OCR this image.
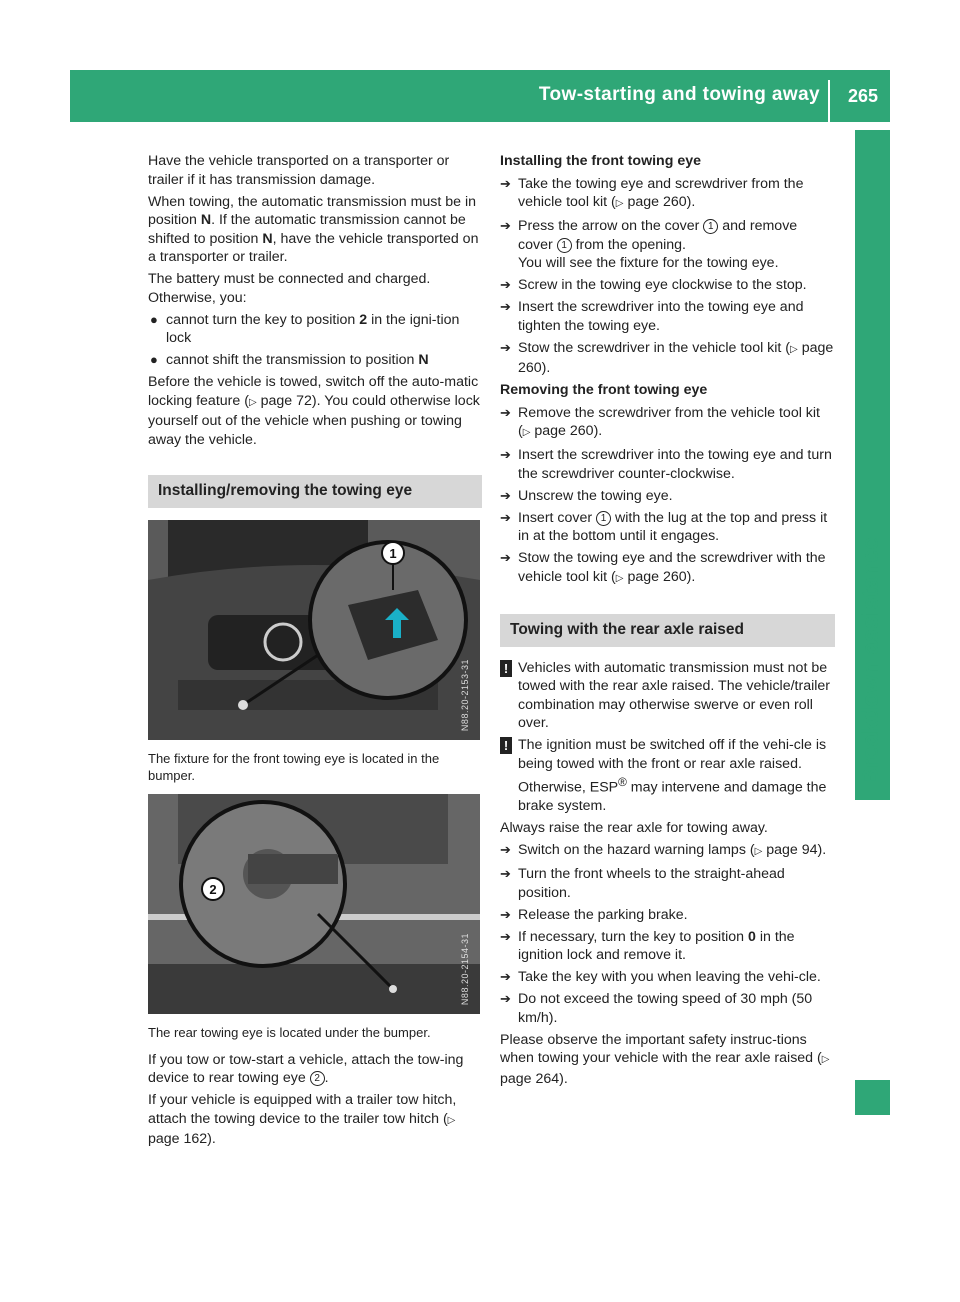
Tow-starting and towing away 265
Breakdown assistance

Have the vehicle transported on a transporter or trailer if it has transmission damage.

When towing, the automatic transmission must be in position N. If the automatic transmission cannot be shifted to position N, have the vehicle transported on a transporter or trailer.

The battery must be connected and charged. Otherwise, you:

● cannot turn the key to position 2 in the igni-tion lock
● cannot shift the transmission to position N

Before the vehicle is towed, switch off the auto-matic locking feature (▷ page 72). You could otherwise lock yourself out of the vehicle when pushing or towing away the vehicle.

Installing/removing the towing eye
1
N88.20-2153-31
The fixture for the front towing eye is located in the bumper.
2
N88.20-2154-31
The rear towing eye is located under the bumper.

If you tow or tow-start a vehicle, attach the tow-ing device to rear towing eye 2 .

If your vehicle is equipped with a trailer tow hitch, attach the towing device to the trailer tow hitch (▷ page 162).

Installing the front towing eye
➔ Take the towing eye and screwdriver from the vehicle tool kit (▷ page 260).
➔ Press the arrow on the cover 1 and remove cover 1 from the opening.
You will see the fixture for the towing eye.
➔ Screw in the towing eye clockwise to the stop.
➔ Insert the screwdriver into the towing eye and tighten the towing eye.
➔ Stow the screwdriver in the vehicle tool kit (▷ page 260).
Removing the front towing eye
➔ Remove the screwdriver from the vehicle tool kit (▷ page 260).
➔ Insert the screwdriver into the towing eye and turn the screwdriver counter-clockwise.
➔ Unscrew the towing eye.
➔ Insert cover 1 with the lug at the top and press it in at the bottom until it engages.
➔ Stow the towing eye and the screwdriver with the vehicle tool kit (▷ page 260).
Towing with the rear axle raised
! Vehicles with automatic transmission must not be towed with the rear axle raised. The vehicle/trailer combination may otherwise swerve or even roll over.
! The ignition must be switched off if the vehi-cle is being towed with the front or rear axle raised. Otherwise, ESP® may intervene and damage the brake system.

Always raise the rear axle for towing away.

➔ Switch on the hazard warning lamps (▷ page 94).
➔ Turn the front wheels to the straight-ahead position.
➔ Release the parking brake.
➔ If necessary, turn the key to position 0 in the ignition lock and remove it.
➔ Take the key with you when leaving the vehi-cle.
➔ Do not exceed the towing speed of 30 mph (50 km/h).

Please observe the important safety instruc-tions when towing your vehicle with the rear axle raised (▷ page 264).
